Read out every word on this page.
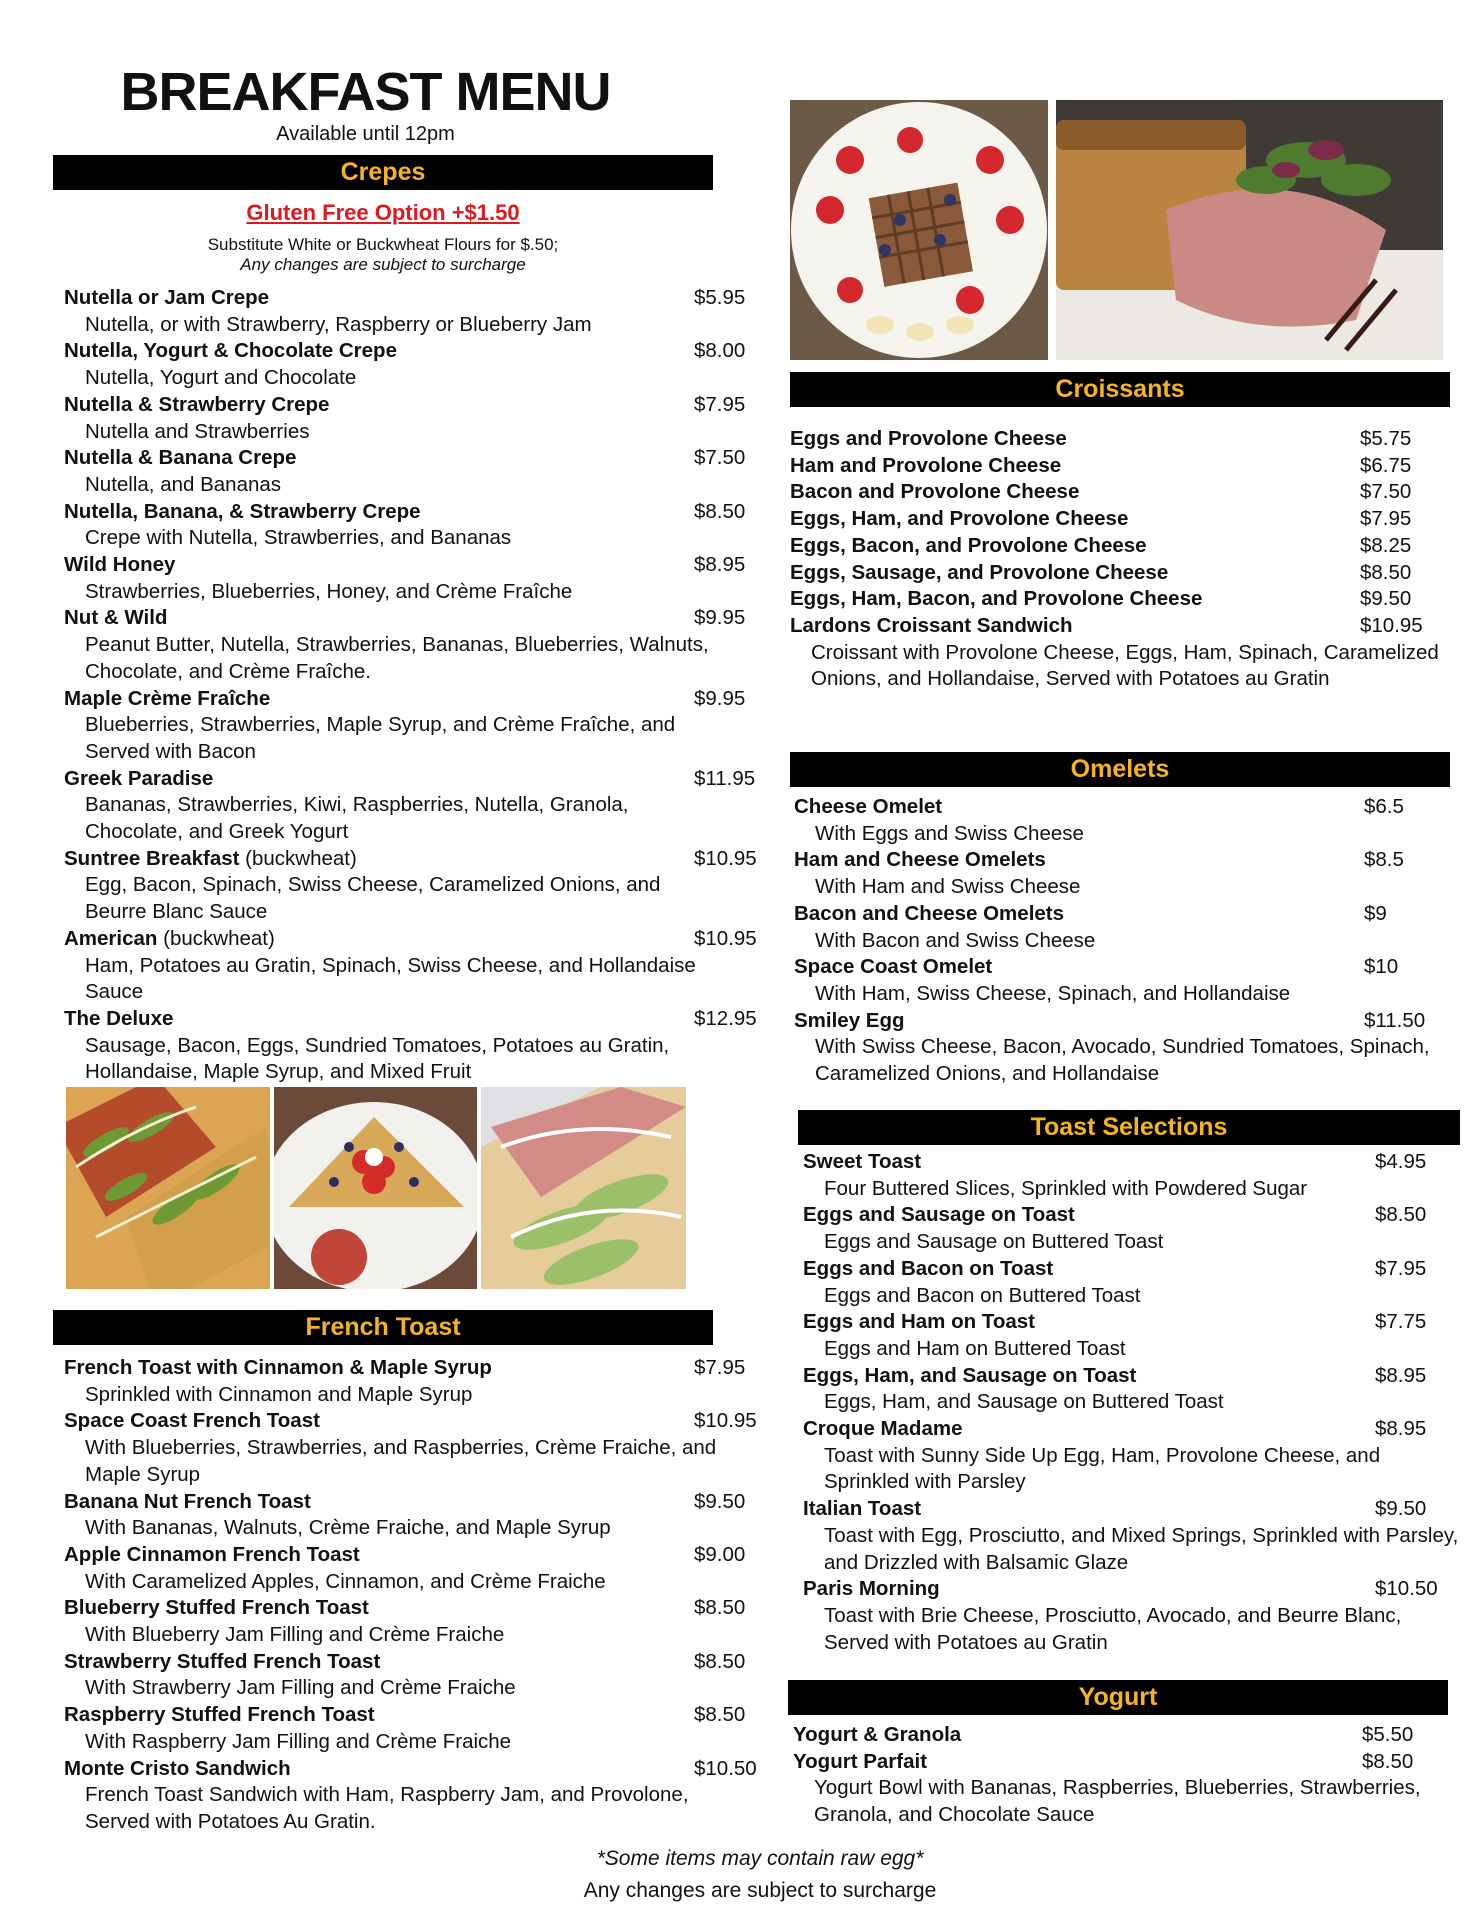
BREAKFAST MENU
Available until 12pm
Crepes
Gluten Free Option +$1.50
Substitute White or Buckwheat Flours for $.50;
Any changes are subject to surcharge
Nutella or Jam Crepe	$5.95
Nutella, or with Strawberry, Raspberry or Blueberry Jam
Nutella, Yogurt & Chocolate Crepe	$8.00
Nutella, Yogurt and Chocolate
Nutella & Strawberry Crepe	$7.95
Nutella and Strawberries
Nutella & Banana Crepe	$7.50
Nutella, and Bananas
Nutella, Banana, & Strawberry Crepe	$8.50
Crepe with Nutella, Strawberries, and Bananas
Wild Honey	$8.95
Strawberries, Blueberries, Honey, and Crème Fraîche
Nut & Wild	$9.95
Peanut Butter, Nutella, Strawberries, Bananas, Blueberries, Walnuts, Chocolate, and Crème Fraîche.
Maple Crème Fraîche	$9.95
Blueberries, Strawberries, Maple Syrup, and Crème Fraîche, and Served with Bacon
Greek Paradise	$11.95
Bananas, Strawberries, Kiwi, Raspberries, Nutella, Granola, Chocolate, and Greek Yogurt
Suntree Breakfast (buckwheat)	$10.95
Egg, Bacon, Spinach, Swiss Cheese, Caramelized Onions, and Beurre Blanc Sauce
American (buckwheat)	$10.95
Ham, Potatoes au Gratin, Spinach, Swiss Cheese, and Hollandaise Sauce
The Deluxe	$12.95
Sausage, Bacon, Eggs, Sundried Tomatoes, Potatoes au Gratin, Hollandaise, Maple Syrup, and Mixed Fruit
French Toast
French Toast with Cinnamon & Maple Syrup	$7.95
Sprinkled with Cinnamon and Maple Syrup
Space Coast French Toast	$10.95
With Blueberries, Strawberries, and Raspberries, Crème Fraiche, and Maple Syrup
Banana Nut French Toast	$9.50
With Bananas, Walnuts, Crème Fraiche, and Maple Syrup
Apple Cinnamon French Toast	$9.00
With Caramelized Apples, Cinnamon, and Crème Fraiche
Blueberry Stuffed French Toast	$8.50
With Blueberry Jam Filling and Crème Fraiche
Strawberry Stuffed French Toast	$8.50
With Strawberry Jam Filling and Crème Fraiche
Raspberry Stuffed French Toast	$8.50
With Raspberry Jam Filling and Crème Fraiche
Monte Cristo Sandwich	$10.50
French Toast Sandwich with Ham, Raspberry Jam, and Provolone, Served with Potatoes Au Gratin.
Croissants
Eggs and Provolone Cheese	$5.75
Ham and Provolone Cheese	$6.75
Bacon and Provolone Cheese	$7.50
Eggs, Ham, and Provolone Cheese	$7.95
Eggs, Bacon, and Provolone Cheese	$8.25
Eggs, Sausage, and Provolone Cheese	$8.50
Eggs, Ham, Bacon, and Provolone Cheese	$9.50
Lardons Croissant Sandwich	$10.95
Croissant with Provolone Cheese, Eggs, Ham, Spinach, Caramelized Onions, and Hollandaise, Served with Potatoes au Gratin
Omelets
Cheese Omelet	$6.5
With Eggs and Swiss Cheese
Ham and Cheese Omelets	$8.5
With Ham and Swiss Cheese
Bacon and Cheese Omelets	$9
With Bacon and Swiss Cheese
Space Coast Omelet	$10
With Ham, Swiss Cheese, Spinach, and Hollandaise
Smiley Egg	$11.50
With Swiss Cheese, Bacon, Avocado, Sundried Tomatoes, Spinach, Caramelized Onions, and Hollandaise
Toast Selections
Sweet Toast	$4.95
Four Buttered Slices, Sprinkled with Powdered Sugar
Eggs and Sausage on Toast	$8.50
Eggs and Sausage on Buttered Toast
Eggs and Bacon on Toast	$7.95
Eggs and Bacon on Buttered Toast
Eggs and Ham on Toast	$7.75
Eggs and Ham on Buttered Toast
Eggs, Ham, and Sausage on Toast	$8.95
Eggs, Ham, and Sausage on Buttered Toast
Croque Madame	$8.95
Toast with Sunny Side Up Egg, Ham, Provolone Cheese, and Sprinkled with Parsley
Italian Toast	$9.50
Toast with Egg, Prosciutto, and Mixed Springs, Sprinkled with Parsley, and Drizzled with Balsamic Glaze
Paris Morning	$10.50
Toast with Brie Cheese, Prosciutto, Avocado, and Beurre Blanc, Served with Potatoes au Gratin
Yogurt
Yogurt & Granola	$5.50
Yogurt Parfait	$8.50
Yogurt Bowl with Bananas, Raspberries, Blueberries, Strawberries, Granola, and Chocolate Sauce
*Some items may contain raw egg*
Any changes are subject to surcharge
